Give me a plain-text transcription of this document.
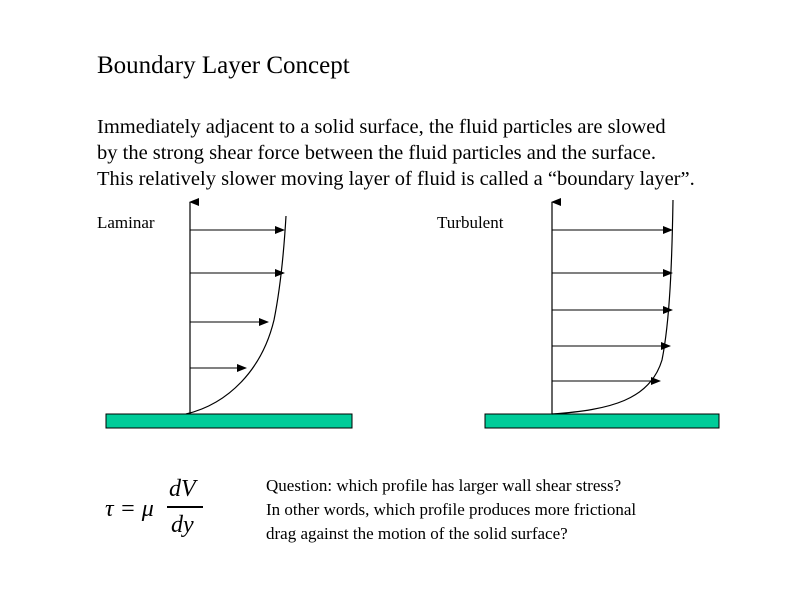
Boundary Layer Concept
Immediately adjacent to a solid surface, the fluid particles are slowed
by the strong shear force between the fluid particles and the surface.
This relatively slower moving layer of fluid is called a “boundary layer”.
Laminar	Turbulent
τ = μ
dV
dy
Question: which profile has larger wall shear stress?
In other words, which profile produces more frictional
drag against the motion of the solid surface?
